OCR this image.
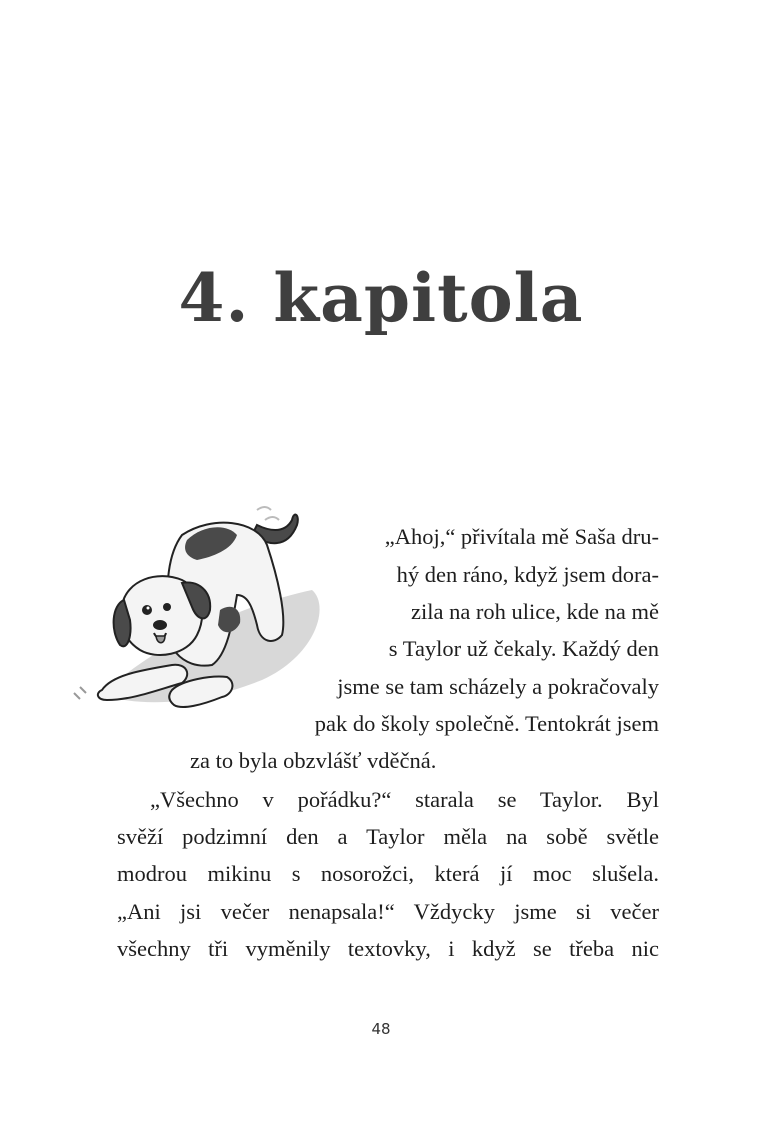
4. kapitola
„Ahoj,“ přivítala mě Saša dru-
hý den ráno, když jsem dora-
zila na roh ulice, kde na mě
s Taylor už čekaly. Každý den
jsme se tam scházely a pokračovaly
pak do školy společně. Tentokrát jsem
za to byla obzvlášť vděčná.
„Všechno v pořádku?“ starala se Taylor. Byl
svěží podzimní den a Taylor měla na sobě světle
modrou mikinu s nosorožci, která jí moc slušela.
„Ani jsi večer nenapsala!“ Vždycky jsme si večer
všechny tři vyměnily textovky, i když se třeba nic
48
